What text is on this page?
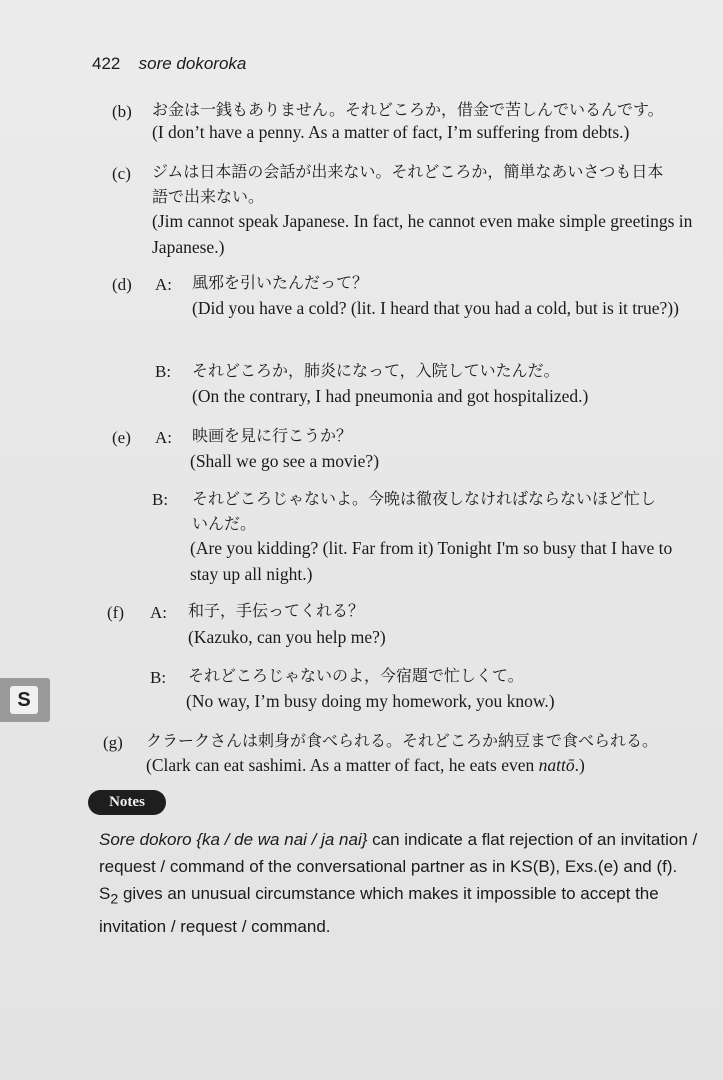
422 sore dokoroka
(b) お金は一銭もありません。それどころか，借金で苦しんでいるんです。
(I don’t have a penny. As a matter of fact, I’m suffering from debts.)
(c) ジムは日本語の会話が出来ない。それどころか，簡単なあいさつも日本
語で出来ない。
(Jim cannot speak Japanese. In fact, he cannot even make simple greetings in Japanese.)
(d) A: 風邪を引いたんだって？
(Did you have a cold? (lit. I heard that you had a cold, but is it true?))
B: それどころか，肺炎になって，入院していたんだ。
(On the contrary, I had pneumonia and got hospitalized.)
(e) A: 映画を見に行こうか？
(Shall we go see a movie?)
B: それどころじゃないよ。今晩は徹夜しなければならないほど忙し
いんだ。
(Are you kidding? (lit. Far from it) Tonight I'm so busy that I have to stay up all night.)
(f) A: 和子，手伝ってくれる？
(Kazuko, can you help me?)
B: それどころじゃないのよ，今宿題で忙しくて。
(No way, I’m busy doing my homework, you know.)
S
(g) クラークさんは刺身が食べられる。それどころか納豆まで食べられる。
(Clark can eat sashimi. As a matter of fact, he eats even nattō.)
Notes
Sore dokoro {ka / de wa nai / ja nai} can indicate a flat rejection of an invitation / request / command of the conversational partner as in KS(B), Exs.(e) and (f). $S_2$ gives an unusual circumstance which makes it impossible to accept the invitation / request / command.
